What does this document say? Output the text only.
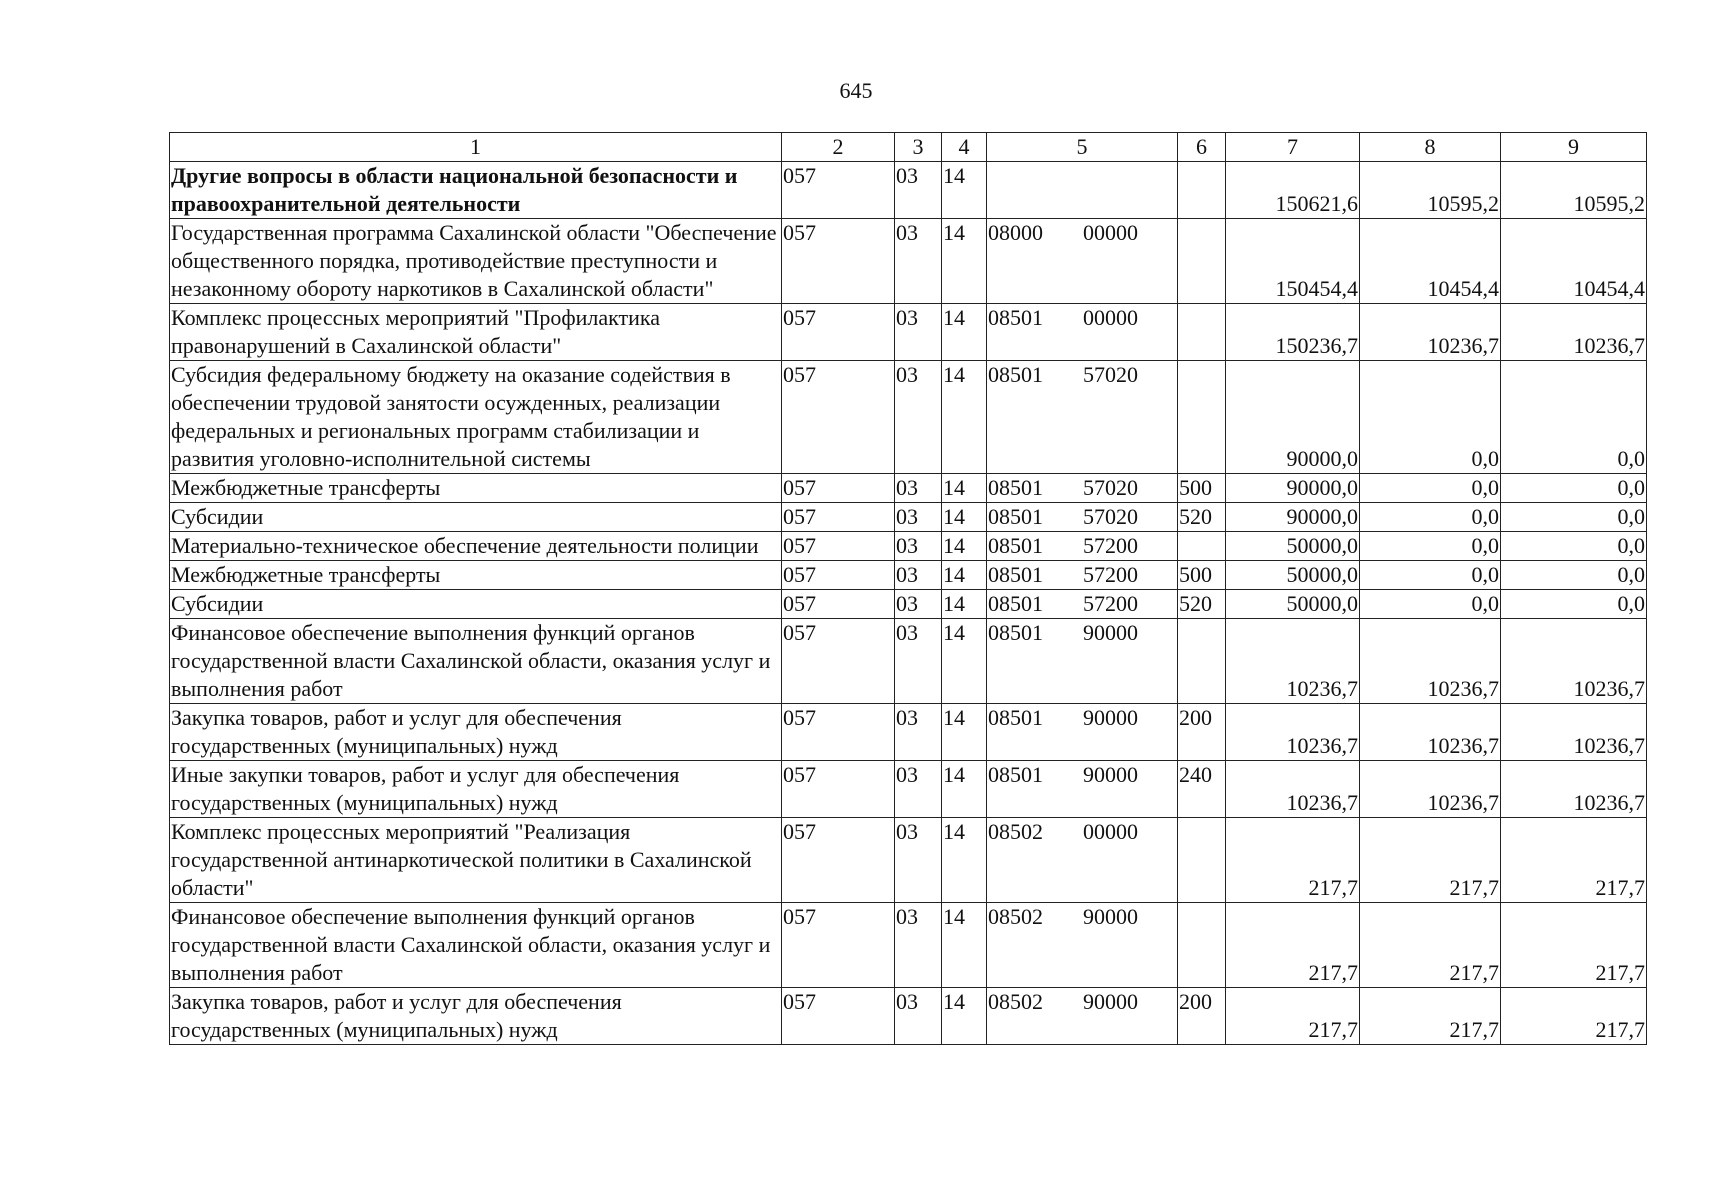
645
1	2	3	4	5	6	7	8	9
Другие вопросы в области национальной безопасности и правоохранительной деятельности	057	03	14			150621,6	10595,2	10595,2
Государственная программа Сахалинской области "Обеспечение общественного порядка, противодействие преступности и незаконному обороту наркотиков в Сахалинской области"	057	03	14	08000 00000		150454,4	10454,4	10454,4
Комплекс процессных мероприятий "Профилактика правонарушений в Сахалинской области"	057	03	14	08501 00000		150236,7	10236,7	10236,7
Субсидия федеральному бюджету на оказание содействия в обеспечении трудовой занятости осужденных, реализации федеральных и региональных программ стабилизации и развития уголовно-исполнительной системы	057	03	14	08501 57020		90000,0	0,0	0,0
Межбюджетные трансферты	057	03	14	08501 57020	500	90000,0	0,0	0,0
Субсидии	057	03	14	08501 57020	520	90000,0	0,0	0,0
Материально-техническое обеспечение деятельности полиции	057	03	14	08501 57200		50000,0	0,0	0,0
Межбюджетные трансферты	057	03	14	08501 57200	500	50000,0	0,0	0,0
Субсидии	057	03	14	08501 57200	520	50000,0	0,0	0,0
Финансовое обеспечение выполнения функций органов государственной власти Сахалинской области, оказания услуг и выполнения работ	057	03	14	08501 90000		10236,7	10236,7	10236,7
Закупка товаров, работ и услуг для обеспечения государственных (муниципальных) нужд	057	03	14	08501 90000	200	10236,7	10236,7	10236,7
Иные закупки товаров, работ и услуг для обеспечения государственных (муниципальных) нужд	057	03	14	08501 90000	240	10236,7	10236,7	10236,7
Комплекс процессных мероприятий "Реализация государственной антинаркотической политики в Сахалинской области"	057	03	14	08502 00000		217,7	217,7	217,7
Финансовое обеспечение выполнения функций органов государственной власти Сахалинской области, оказания услуг и выполнения работ	057	03	14	08502 90000		217,7	217,7	217,7
Закупка товаров, работ и услуг для обеспечения государственных (муниципальных) нужд	057	03	14	08502 90000	200	217,7	217,7	217,7
